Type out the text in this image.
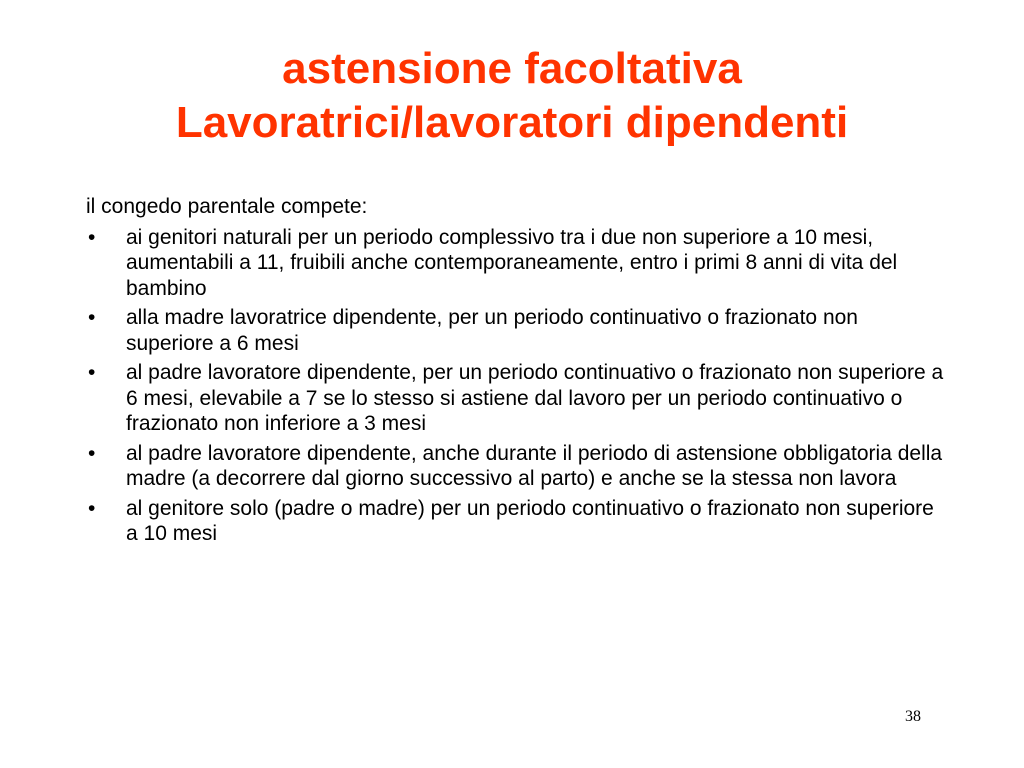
astensione facoltativa
Lavoratrici/lavoratori dipendenti

il congedo parentale compete:

• ai genitori naturali per un periodo complessivo tra i due non superiore a 10 mesi, aumentabili a 11, fruibili anche contemporaneamente, entro i primi 8 anni di vita del bambino
• alla madre lavoratrice dipendente, per un periodo continuativo o frazionato non superiore a 6 mesi
• al padre lavoratore dipendente, per un periodo continuativo o frazionato non superiore a 6 mesi, elevabile a 7 se lo stesso si astiene dal lavoro per un periodo continuativo o frazionato non inferiore a 3 mesi
• al padre lavoratore dipendente, anche durante il periodo di astensione obbligatoria della madre (a decorrere dal giorno successivo al parto) e anche se la stessa non lavora
• al genitore solo (padre o madre) per un periodo continuativo o frazionato non superiore a 10 mesi
38
